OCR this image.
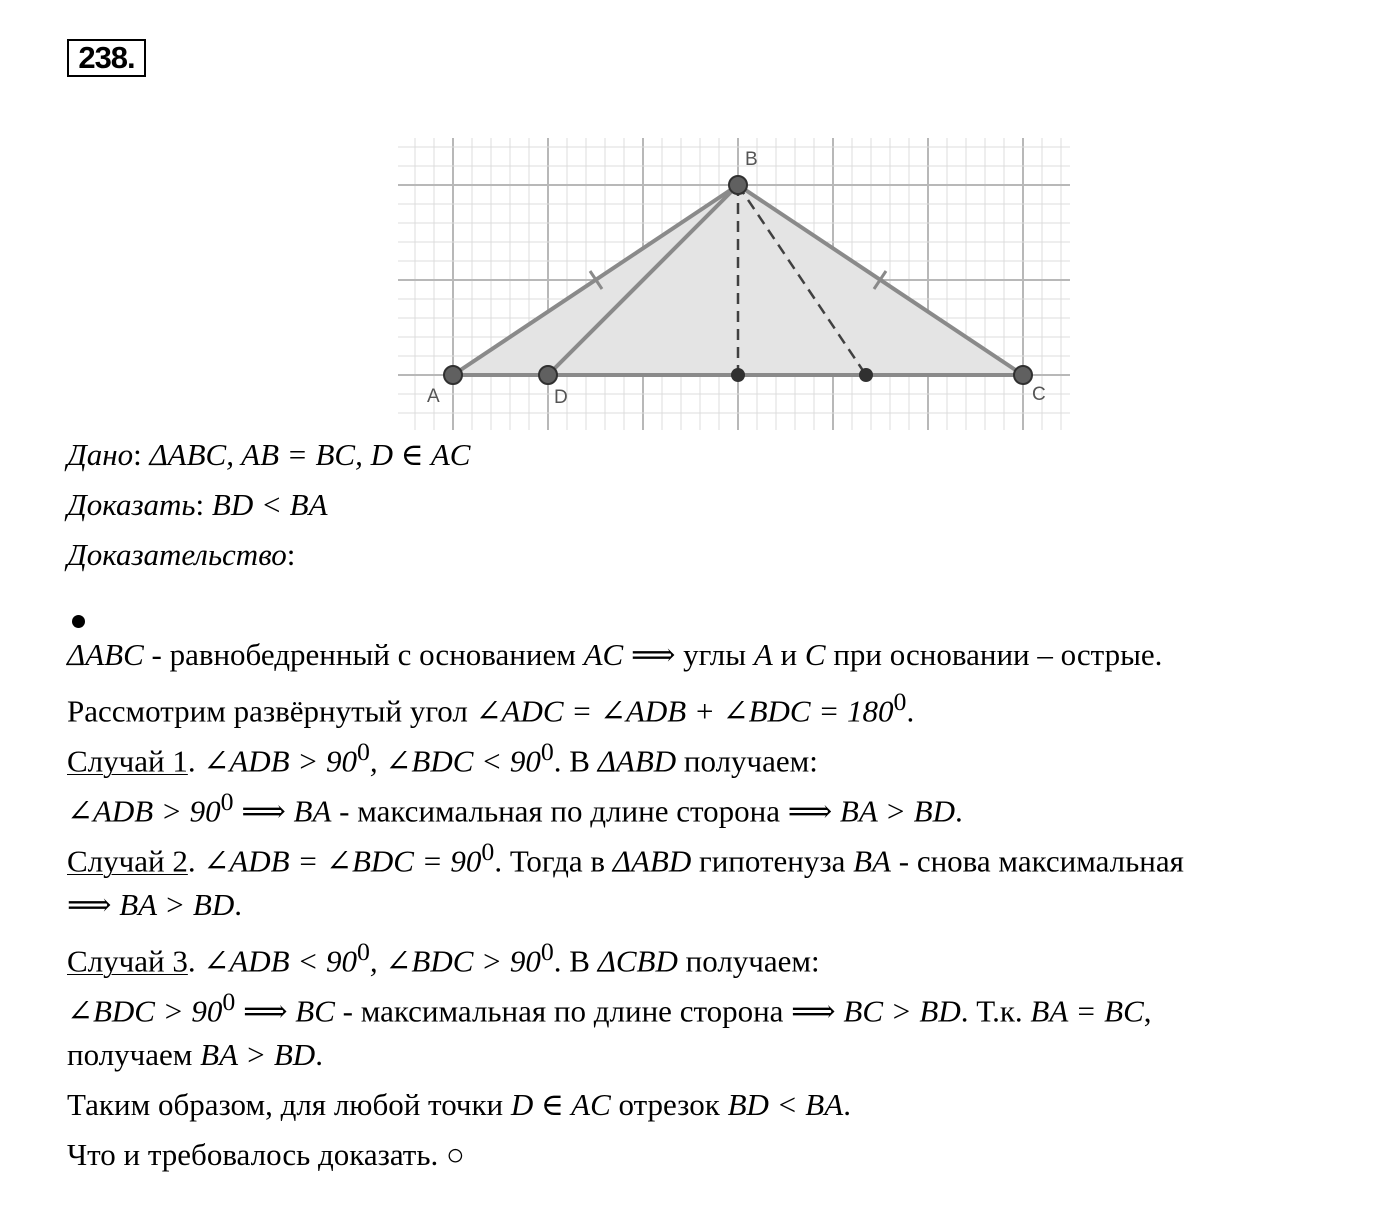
238.
B
A	D	C
Дано: ΔABC, AB = BC, D ∈ AC
Доказать: BD < BA
Доказательство:
ΔABC - равнобедренный с основанием AC ⟹ углы A и C при основании – острые.
Рассмотрим развёрнутый угол ∠ADC = ∠ADB + ∠BDC = $180^0$.
Случай 1. ∠ADB > $90^0$, ∠BDC < $90^0$. В ΔABD получаем:
∠ADB > $90^0$ ⟹ BA - максимальная по длине сторона ⟹ BA > BD.
Случай 2. ∠ADB = ∠BDC = $90^0$. Тогда в ΔABD гипотенуза BA - снова максимальная
⟹ BA > BD.
Случай 3. ∠ADB < $90^0$, ∠BDC > $90^0$. В ΔCBD получаем:
∠BDC > $90^0$ ⟹ BC - максимальная по длине сторона ⟹ BC > BD. Т.к. BA = BC,
получаем BA > BD.
Таким образом, для любой точки D ∈ AC отрезок BD < BA.
Что и требовалось доказать. ○
